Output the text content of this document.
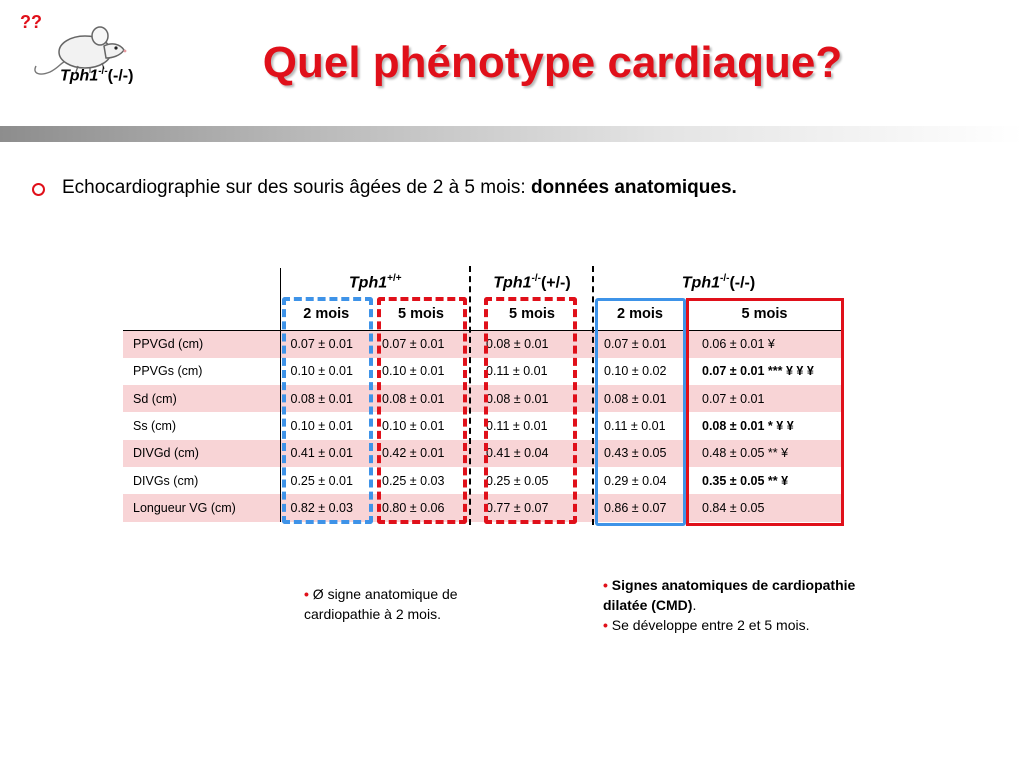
??
Tph1-/-(-/-)	Quel phénotype cardiaque?
Echocardiographie sur des souris âgées de 2 à 5 mois: données anatomiques.
	Tph1+/+		Tph1-/-(+/-)	Tph1-/-(-/-)	
	2 mois	5 mois	5 mois	2 mois	5 mois
PPVGd (cm)	0.07 ± 0.01	0.07 ± 0.01	0.08 ± 0.01	0.07 ± 0.01	0.06 ± 0.01 ¥
PPVGs (cm)	0.10 ± 0.01	0.10 ± 0.01	0.11 ± 0.01	0.10 ± 0.02	0.07 ± 0.01 *** ¥ ¥ ¥
Sd (cm)	0.08 ± 0.01	0.08 ± 0.01	0.08 ± 0.01	0.08 ± 0.01	0.07 ± 0.01
Ss (cm)	0.10 ± 0.01	0.10 ± 0.01	0.11 ± 0.01	0.11 ± 0.01	0.08 ± 0.01 * ¥ ¥
DIVGd (cm)	0.41 ± 0.01	0.42 ± 0.01	0.41 ± 0.04	0.43 ± 0.05	0.48 ± 0.05 ** ¥
DIVGs (cm)	0.25 ± 0.01	0.25 ± 0.03	0.25 ± 0.05	0.29 ± 0.04	0.35 ± 0.05 ** ¥
Longueur VG (cm)	0.82 ± 0.03	0.80 ± 0.06	0.77 ± 0.07	0.86 ± 0.07	0.84 ± 0.05
• Ø signe anatomique de cardiopathie à 2 mois.
• Signes anatomiques de cardiopathie dilatée (CMD).
• Se développe entre 2 et 5 mois.
